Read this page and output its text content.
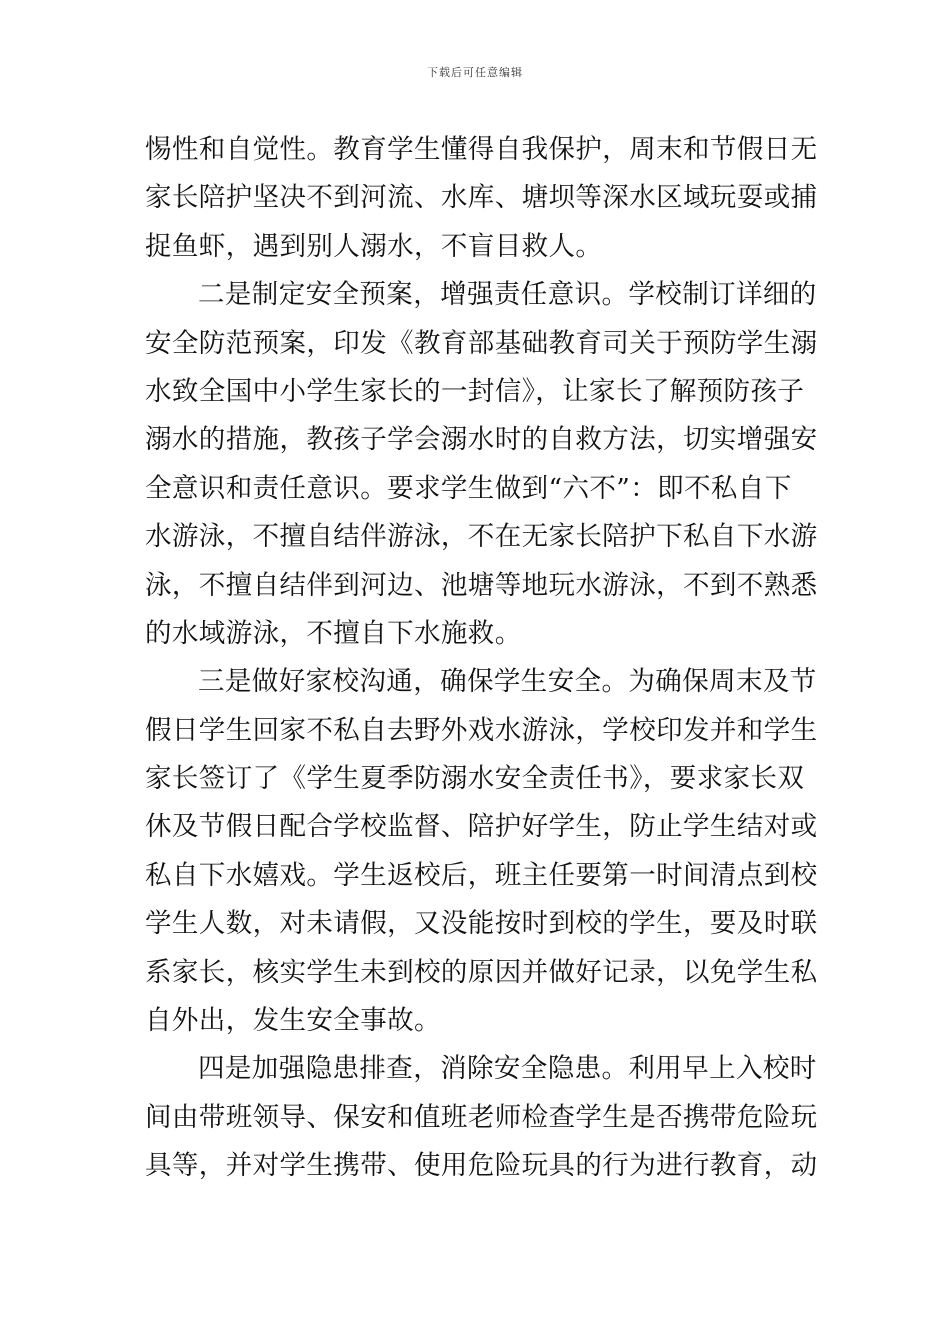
下载后可任意编辑
惕性和自觉性。教育学生懂得自我保护，周末和节假日无
家长陪护坚决不到河流、水库、塘坝等深水区域玩耍或捕
捉鱼虾，遇到别人溺水，不盲目救人。
二是制定安全预案，增强责任意识。学校制订详细的
安全防范预案，印发《教育部基础教育司关于预防学生溺
水致全国中小学生家长的一封信》，让家长了解预防孩子
溺水的措施，教孩子学会溺水时的自救方法，切实增强安
全意识和责任意识。要求学生做到“六不”：即不私自下
水游泳，不擅自结伴游泳，不在无家长陪护下私自下水游
泳，不擅自结伴到河边、池塘等地玩水游泳，不到不熟悉
的水域游泳，不擅自下水施救。
三是做好家校沟通，确保学生安全。为确保周末及节
假日学生回家不私自去野外戏水游泳，学校印发并和学生
家长签订了《学生夏季防溺水安全责任书》，要求家长双
休及节假日配合学校监督、陪护好学生，防止学生结对或
私自下水嬉戏。学生返校后，班主任要第一时间清点到校
学生人数，对未请假，又没能按时到校的学生，要及时联
系家长，核实学生未到校的原因并做好记录，以免学生私
自外出，发生安全事故。
四是加强隐患排查，消除安全隐患。利用早上入校时
间由带班领导、保安和值班老师检查学生是否携带危险玩
具等，并对学生携带、使用危险玩具的行为进行教育，动
